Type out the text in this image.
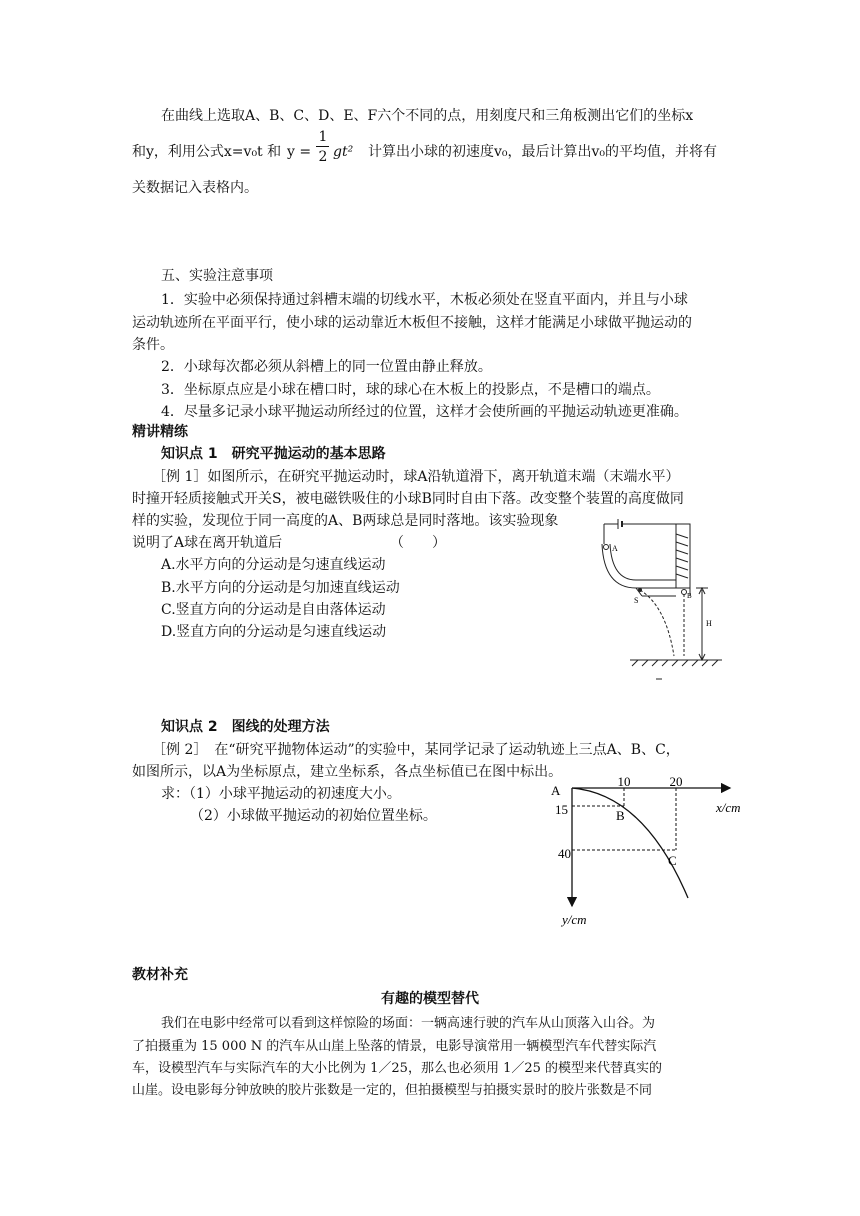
在曲线上选取A、B、C、D、E、F六个不同的点，用刻度尺和三角板测出它们的坐标x
和y，利用公式x=v₀t 和 y =
1
2 gt² 计算出小球的初速度v₀，最后计算出v₀的平均值，并将有
关数据记入表格内。
五、实验注意事项
1．实验中必须保持通过斜槽末端的切线水平，木板必须处在竖直平面内，并且与小球
运动轨迹所在平面平行，使小球的运动靠近木板但不接触，这样才能满足小球做平抛运动的
条件。
2．小球每次都必须从斜槽上的同一位置由静止释放。
3．坐标原点应是小球在槽口时，球的球心在木板上的投影点，不是槽口的端点。
4．尽量多记录小球平抛运动所经过的位置，这样才会使所画的平抛运动轨迹更准确。
精讲精练
知识点 1　研究平抛运动的基本思路
［例 1］如图所示，在研究平抛运动时，球A沿轨道滑下，离开轨道末端（末端水平）
时撞开轻质接触式开关S，被电磁铁吸住的小球B同时自由下落。改变整个装置的高度做同
样的实验，发现位于同一高度的A、B两球总是同时落地。该实验现象
说明了A球在离开轨道后	（　　）
A.水平方向的分运动是匀速直线运动
B.水平方向的分运动是匀加速直线运动
C.竖直方向的分运动是自由落体运动
D.竖直方向的分运动是匀速直线运动
A
B
S
H
知识点 2　图线的处理方法
［例 2］　在“研究平抛物体运动”的实验中，某同学记录了运动轨迹上三点A、B、C，
如图所示，以A为坐标原点，建立坐标系，各点坐标值已在图中标出。
求：（1）小球平抛运动的初速度大小。
（2）小球做平抛运动的初始位置坐标。
10	20
15
40
A
B
C
x/cm
y/cm
教材补充
有趣的模型替代
我们在电影中经常可以看到这样惊险的场面：一辆高速行驶的汽车从山顶落入山谷。为
了拍摄重为 15 000 N 的汽车从山崖上坠落的情景，电影导演常用一辆模型汽车代替实际汽
车，设模型汽车与实际汽车的大小比例为 1／25，那么也必须用 1／25 的模型来代替真实的
山崖。设电影每分钟放映的胶片张数是一定的，但拍摄模型与拍摄实景时的胶片张数是不同
